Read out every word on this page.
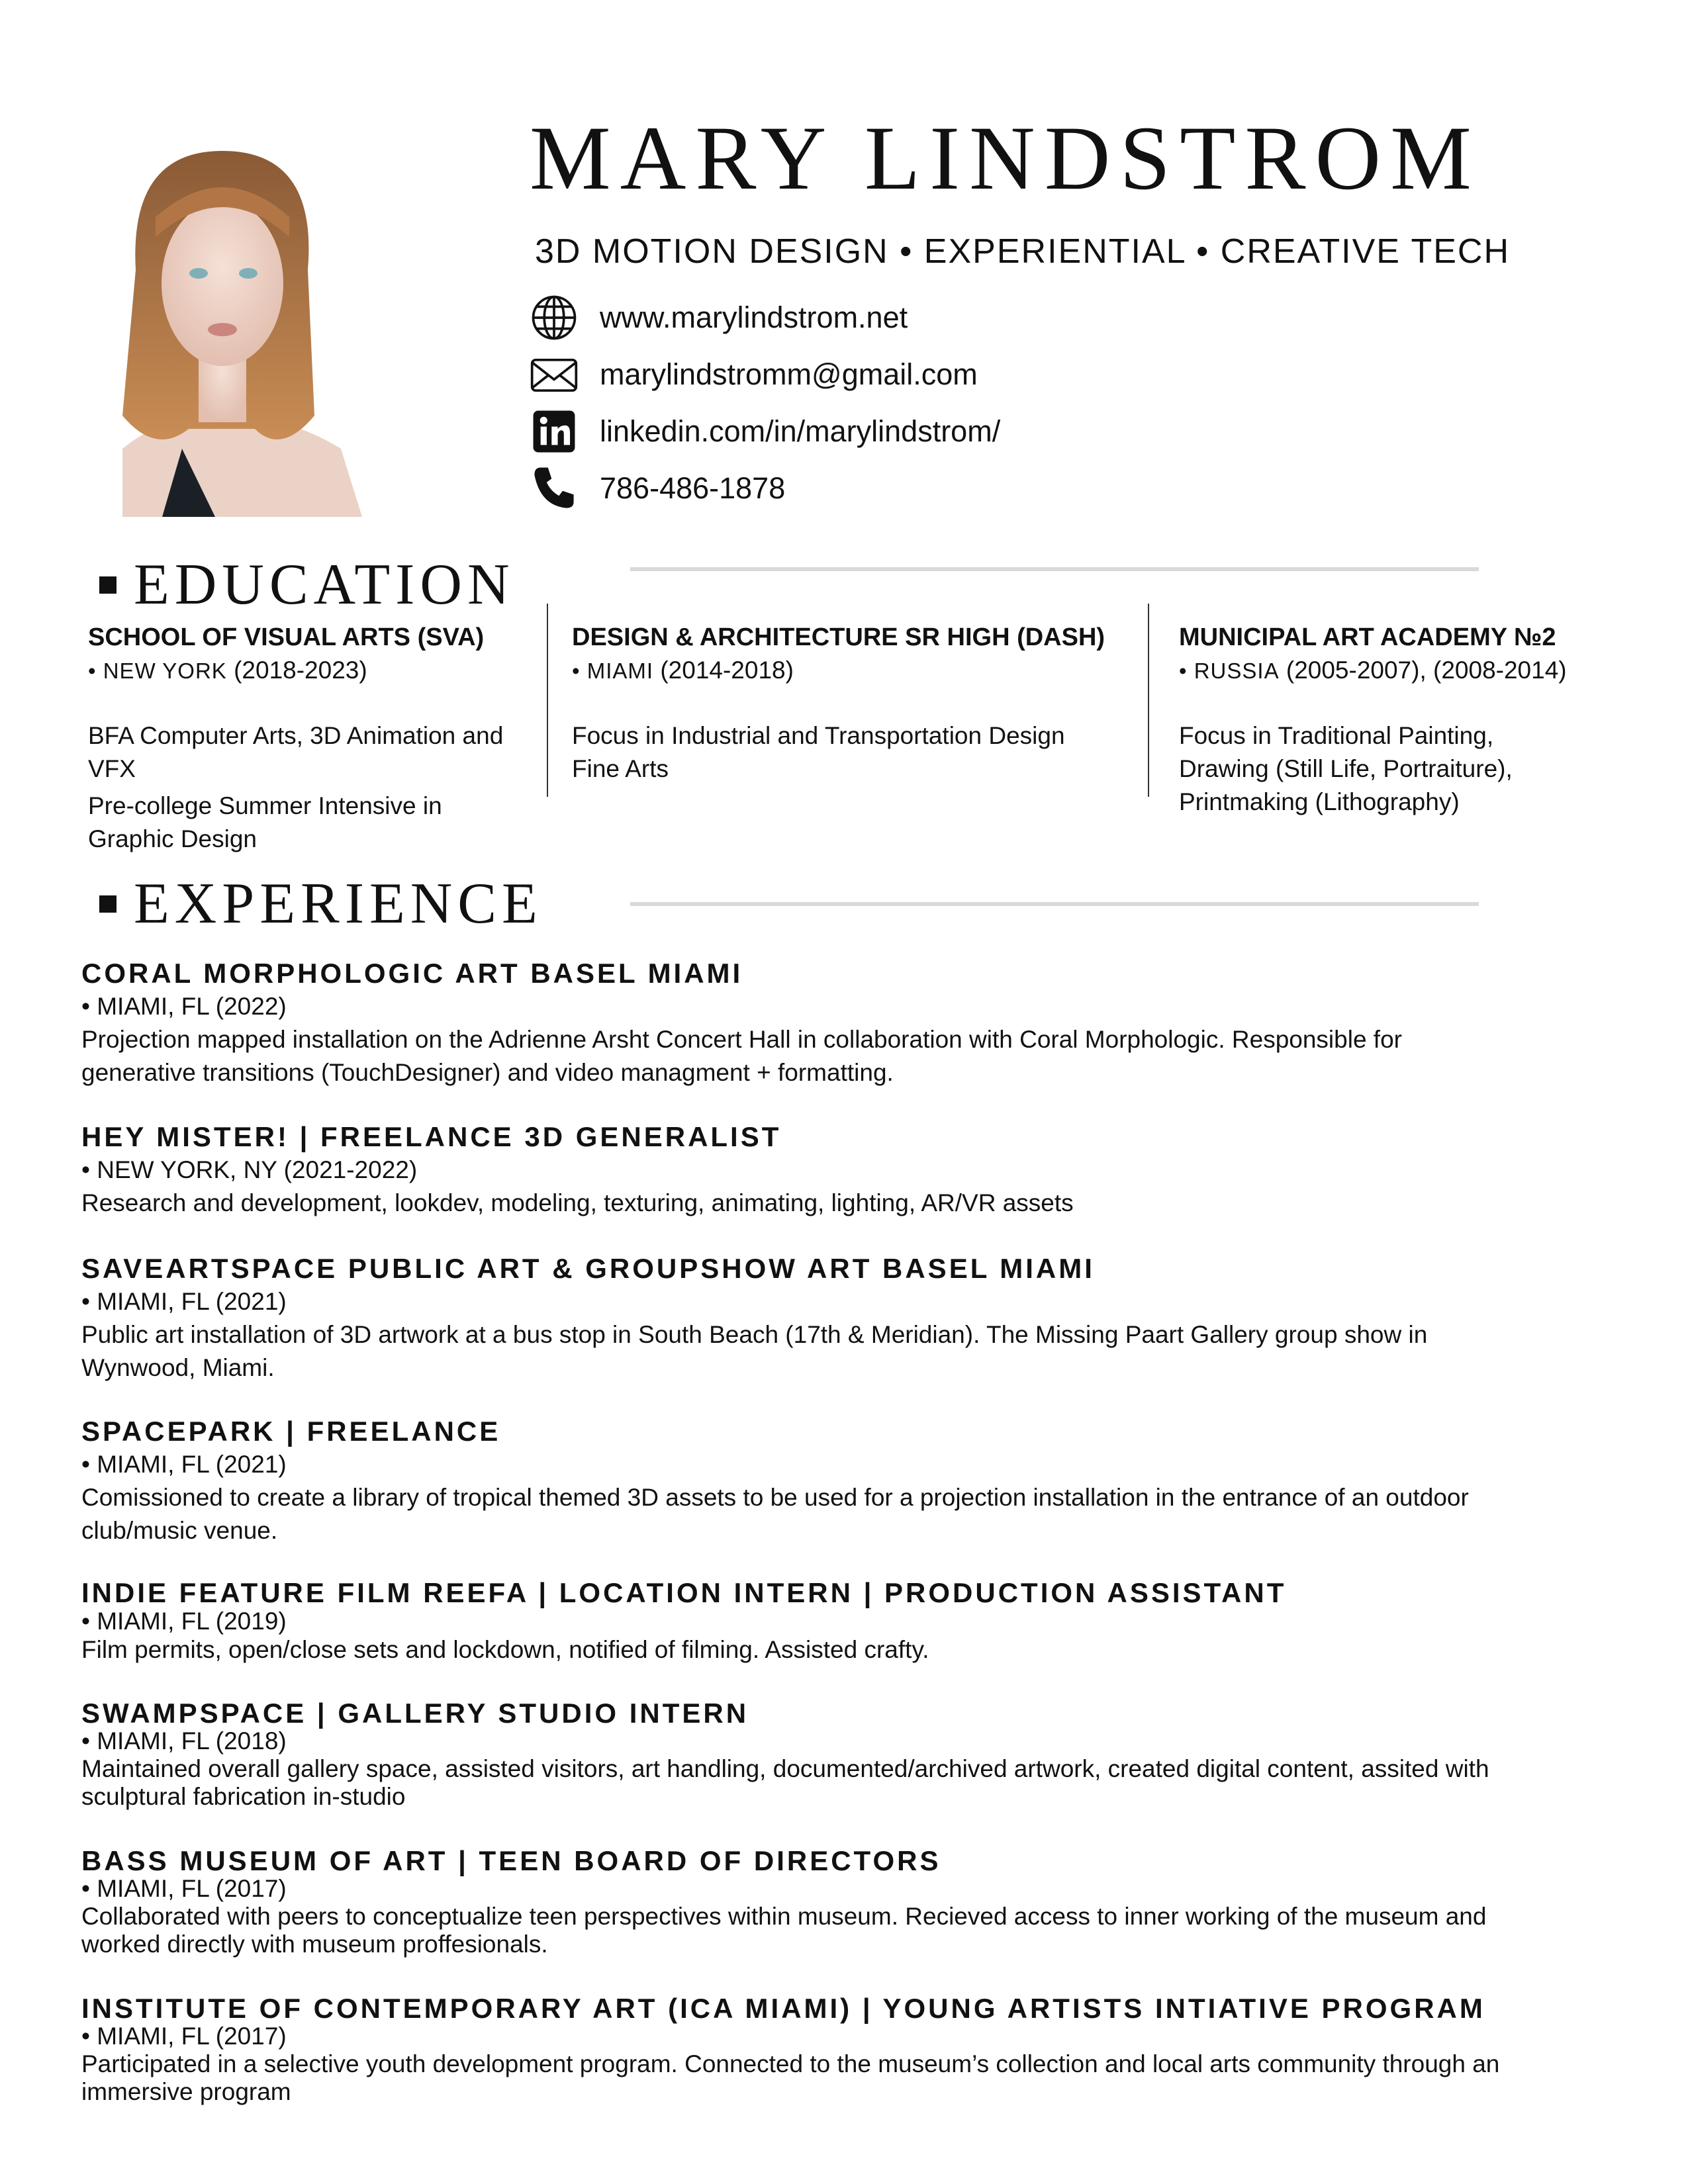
MARY LINDSTROM
3D MOTION DESIGN • EXPERIENTIAL • CREATIVE TECH
www.marylindstrom.net
marylindstromm@gmail.com
linkedin.com/in/marylindstrom/
786-486-1878
EDUCATION
SCHOOL OF VISUAL ARTS (SVA)
• NEW YORK (2018-2023)
BFA Computer Arts, 3D Animation and
VFX
Pre-college Summer Intensive in
Graphic Design
DESIGN & ARCHITECTURE SR HIGH (DASH)
• MIAMI (2014-2018)
Focus in Industrial and Transportation Design
Fine Arts
MUNICIPAL ART ACADEMY №2
• RUSSIA (2005-2007), (2008-2014)
Focus in Traditional Painting,
Drawing (Still Life, Portraiture),
Printmaking (Lithography)
EXPERIENCE
CORAL MORPHOLOGIC ART BASEL MIAMI
• MIAMI, FL (2022)
Projection mapped installation on the Adrienne Arsht Concert Hall in collaboration with Coral Morphologic. Responsible for
generative transitions (TouchDesigner) and video managment + formatting.
HEY MISTER! | FREELANCE 3D GENERALIST
• NEW YORK, NY (2021-2022)
Research and development, lookdev, modeling, texturing, animating, lighting, AR/VR assets
SAVEARTSPACE PUBLIC ART & GROUPSHOW ART BASEL MIAMI
• MIAMI, FL (2021)
Public art installation of 3D artwork at a bus stop in South Beach (17th & Meridian). The Missing Paart Gallery group show in
Wynwood, Miami.
SPACEPARK | FREELANCE
• MIAMI, FL (2021)
Comissioned to create a library of tropical themed 3D assets to be used for a projection installation in the entrance of an outdoor
club/music venue.
INDIE FEATURE FILM REEFA | LOCATION INTERN | PRODUCTION ASSISTANT
• MIAMI, FL (2019)
Film permits, open/close sets and lockdown, notified of filming. Assisted crafty.
SWAMPSPACE | GALLERY STUDIO INTERN
• MIAMI, FL (2018)
Maintained overall gallery space, assisted visitors, art handling, documented/archived artwork, created digital content, assited with
sculptural fabrication in-studio
BASS MUSEUM OF ART | TEEN BOARD OF DIRECTORS
• MIAMI, FL (2017)
Collaborated with peers to conceptualize teen perspectives within museum. Recieved access to inner working of the museum and
worked directly with museum proffesionals.
INSTITUTE OF CONTEMPORARY ART (ICA MIAMI) | YOUNG ARTISTS INTIATIVE PROGRAM
• MIAMI, FL (2017)
Participated in a selective youth development program. Connected to the museum’s collection and local arts community through an
immersive program
